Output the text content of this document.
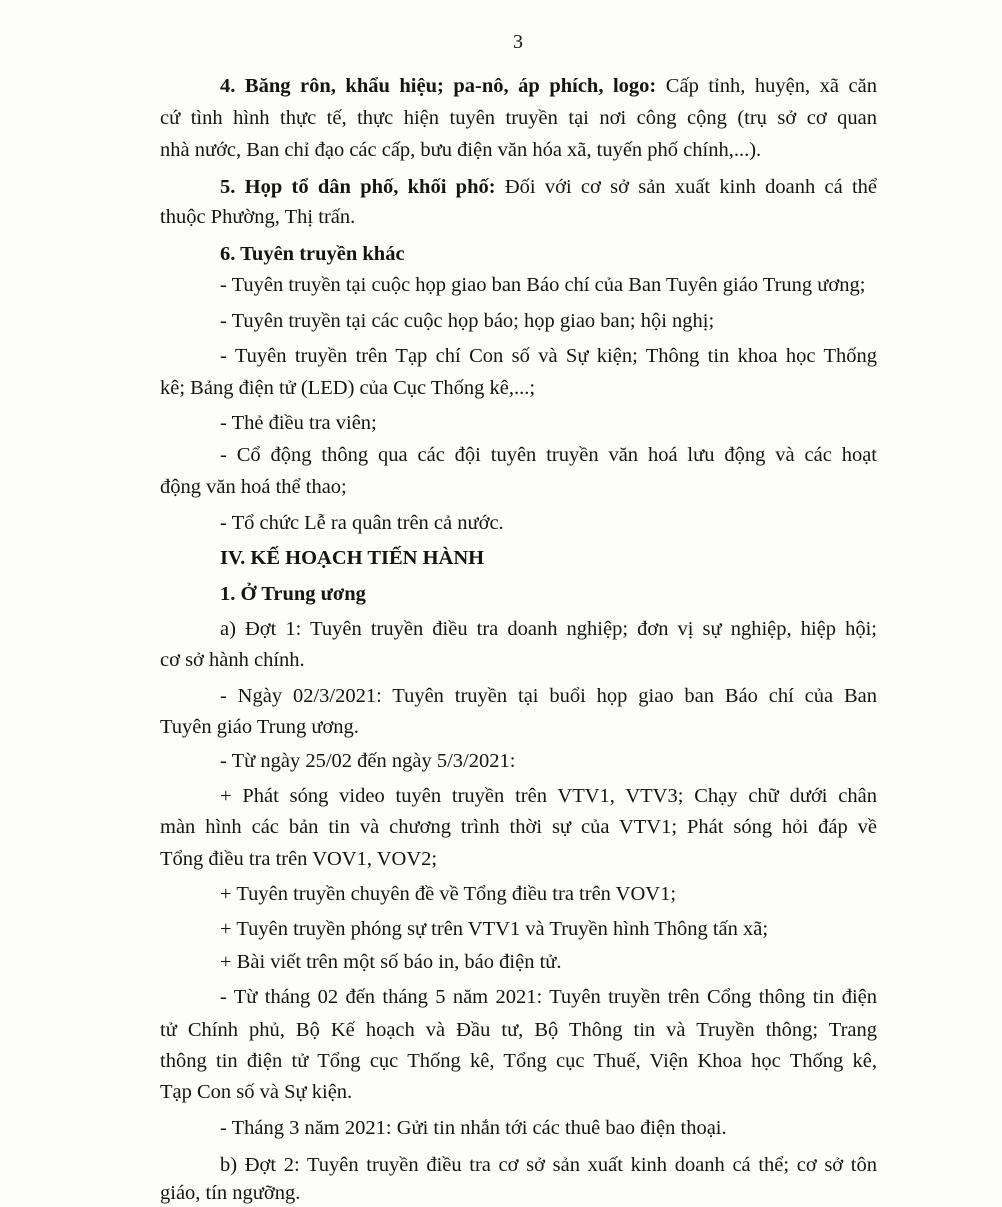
3
4. Băng rôn, khẩu hiệu; pa-nô, áp phích, logo: Cấp tỉnh, huyện, xã căn
cứ tình hình thực tế, thực hiện tuyên truyền tại nơi công cộng (trụ sở cơ quan
nhà nước, Ban chỉ đạo các cấp, bưu điện văn hóa xã, tuyến phố chính,...).
5. Họp tổ dân phố, khối phố: Đối với cơ sở sản xuất kinh doanh cá thể
thuộc Phường, Thị trấn.
6. Tuyên truyền khác
- Tuyên truyền tại cuộc họp giao ban Báo chí của Ban Tuyên giáo Trung ương;
- Tuyên truyền tại các cuộc họp báo; họp giao ban; hội nghị;
- Tuyên truyền trên Tạp chí Con số và Sự kiện; Thông tin khoa học Thống
kê; Bảng điện tử (LED) của Cục Thống kê,...;
- Thẻ điều tra viên;
- Cổ động thông qua các đội tuyên truyền văn hoá lưu động và các hoạt
động văn hoá thể thao;
- Tổ chức Lễ ra quân trên cả nước.
IV. KẾ HOẠCH TIẾN HÀNH
1. Ở Trung ương
a) Đợt 1: Tuyên truyền điều tra doanh nghiệp; đơn vị sự nghiệp, hiệp hội;
cơ sở hành chính.
- Ngày 02/3/2021: Tuyên truyền tại buổi họp giao ban Báo chí của Ban
Tuyên giáo Trung ương.
- Từ ngày 25/02 đến ngày 5/3/2021:
+ Phát sóng video tuyên truyền trên VTV1, VTV3; Chạy chữ dưới chân
màn hình các bản tin và chương trình thời sự của VTV1; Phát sóng hỏi đáp về
Tổng điều tra trên VOV1, VOV2;
+ Tuyên truyền chuyên đề về Tổng điều tra trên VOV1;
+ Tuyên truyền phóng sự trên VTV1 và Truyền hình Thông tấn xã;
+ Bài viết trên một số báo in, báo điện tử.
- Từ tháng 02 đến tháng 5 năm 2021: Tuyên truyền trên Cổng thông tin điện
tử Chính phủ, Bộ Kế hoạch và Đầu tư, Bộ Thông tin và Truyền thông; Trang
thông tin điện tử Tổng cục Thống kê, Tổng cục Thuế, Viện Khoa học Thống kê,
Tạp Con số và Sự kiện.
- Tháng 3 năm 2021: Gửi tin nhắn tới các thuê bao điện thoại.
b) Đợt 2: Tuyên truyền điều tra cơ sở sản xuất kinh doanh cá thể; cơ sở tôn
giáo, tín ngưỡng.
